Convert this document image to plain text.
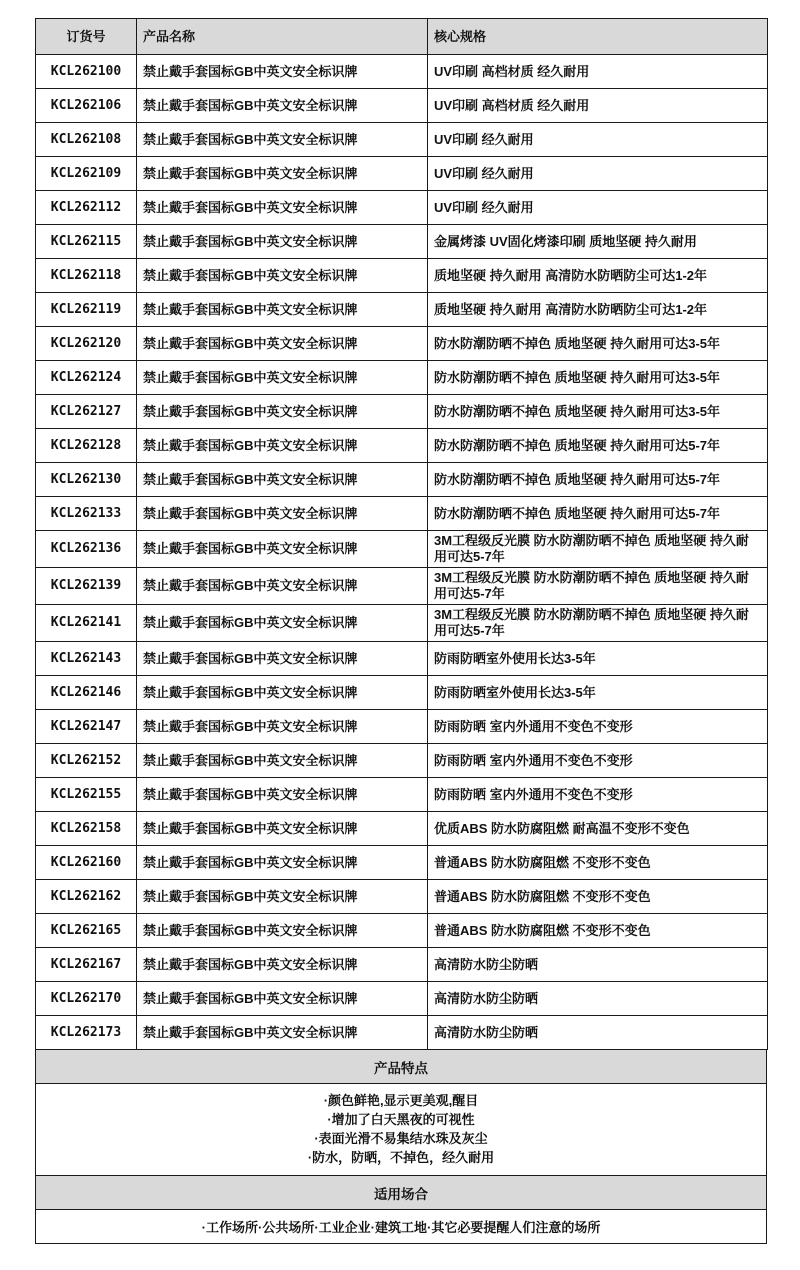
订货号	产品名称	核心规格
KCL262100	禁止戴手套国标GB中英文安全标识牌	UV印刷 高档材质 经久耐用
KCL262106	禁止戴手套国标GB中英文安全标识牌	UV印刷 高档材质 经久耐用
KCL262108	禁止戴手套国标GB中英文安全标识牌	UV印刷 经久耐用
KCL262109	禁止戴手套国标GB中英文安全标识牌	UV印刷 经久耐用
KCL262112	禁止戴手套国标GB中英文安全标识牌	UV印刷 经久耐用
KCL262115	禁止戴手套国标GB中英文安全标识牌	金属烤漆 UV固化烤漆印刷 质地坚硬 持久耐用
KCL262118	禁止戴手套国标GB中英文安全标识牌	质地坚硬 持久耐用 高清防水防晒防尘可达1-2年
KCL262119	禁止戴手套国标GB中英文安全标识牌	质地坚硬 持久耐用 高清防水防晒防尘可达1-2年
KCL262120	禁止戴手套国标GB中英文安全标识牌	防水防潮防晒不掉色 质地坚硬 持久耐用可达3-5年
KCL262124	禁止戴手套国标GB中英文安全标识牌	防水防潮防晒不掉色 质地坚硬 持久耐用可达3-5年
KCL262127	禁止戴手套国标GB中英文安全标识牌	防水防潮防晒不掉色 质地坚硬 持久耐用可达3-5年
KCL262128	禁止戴手套国标GB中英文安全标识牌	防水防潮防晒不掉色 质地坚硬 持久耐用可达5-7年
KCL262130	禁止戴手套国标GB中英文安全标识牌	防水防潮防晒不掉色 质地坚硬 持久耐用可达5-7年
KCL262133	禁止戴手套国标GB中英文安全标识牌	防水防潮防晒不掉色 质地坚硬 持久耐用可达5-7年
KCL262136	禁止戴手套国标GB中英文安全标识牌	3M工程级反光膜 防水防潮防晒不掉色 质地坚硬 持久耐用可达5-7年
KCL262139	禁止戴手套国标GB中英文安全标识牌	3M工程级反光膜 防水防潮防晒不掉色 质地坚硬 持久耐用可达5-7年
KCL262141	禁止戴手套国标GB中英文安全标识牌	3M工程级反光膜 防水防潮防晒不掉色 质地坚硬 持久耐用可达5-7年
KCL262143	禁止戴手套国标GB中英文安全标识牌	防雨防晒室外使用长达3-5年
KCL262146	禁止戴手套国标GB中英文安全标识牌	防雨防晒室外使用长达3-5年
KCL262147	禁止戴手套国标GB中英文安全标识牌	防雨防晒 室内外通用不变色不变形
KCL262152	禁止戴手套国标GB中英文安全标识牌	防雨防晒 室内外通用不变色不变形
KCL262155	禁止戴手套国标GB中英文安全标识牌	防雨防晒 室内外通用不变色不变形
KCL262158	禁止戴手套国标GB中英文安全标识牌	优质ABS 防水防腐阻燃 耐高温不变形不变色
KCL262160	禁止戴手套国标GB中英文安全标识牌	普通ABS 防水防腐阻燃 不变形不变色
KCL262162	禁止戴手套国标GB中英文安全标识牌	普通ABS 防水防腐阻燃 不变形不变色
KCL262165	禁止戴手套国标GB中英文安全标识牌	普通ABS 防水防腐阻燃 不变形不变色
KCL262167	禁止戴手套国标GB中英文安全标识牌	高清防水防尘防晒
KCL262170	禁止戴手套国标GB中英文安全标识牌	高清防水防尘防晒
KCL262173	禁止戴手套国标GB中英文安全标识牌	高清防水防尘防晒
产品特点
·颜色鲜艳,显示更美观,醒目
·增加了白天黑夜的可视性
·表面光滑不易集结水珠及灰尘
·防水，防晒，不掉色，经久耐用
适用场合
·工作场所·公共场所·工业企业·建筑工地·其它必要提醒人们注意的场所
